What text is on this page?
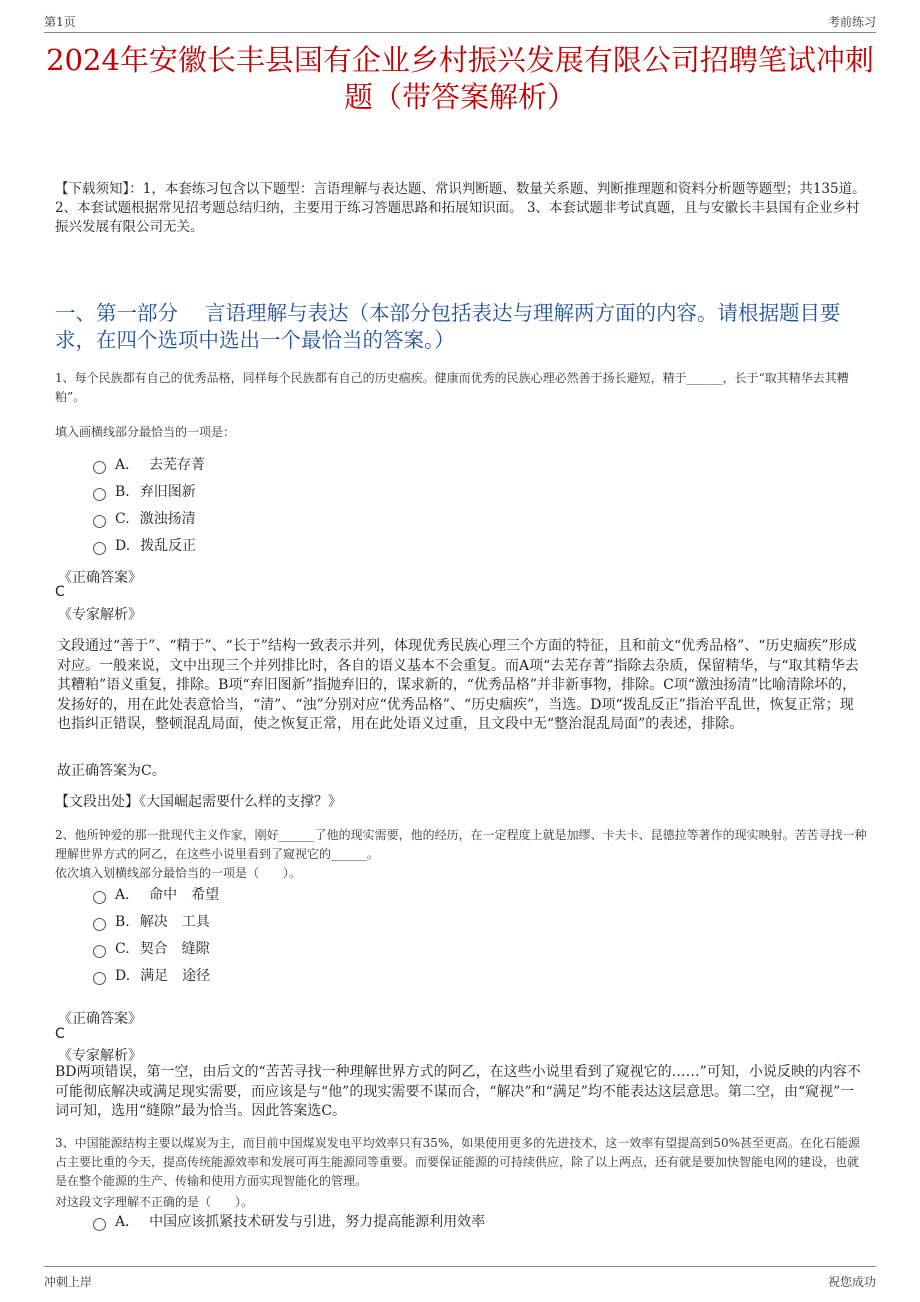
第1页	考前练习
2024年安徽长丰县国有企业乡村振兴发展有限公司招聘笔试冲刺题（带答案解析）
【下载须知】：1，本套练习包含以下题型：言语理解与表达题、常识判断题、数量关系题、判断推理题和资料分析题等题型；共135道。 2、本套试题根据常见招考题总结归纳，主要用于练习答题思路和拓展知识面。 3、本套试题非考试真题，且与安徽长丰县国有企业乡村振兴发展有限公司无关。
一、第一部分　 言语理解与表达（本部分包括表达与理解两方面的内容。请根据题目要求，在四个选项中选出一个最恰当的答案。）
1、每个民族都有自己的优秀品格，同样每个民族都有自己的历史痼疾。健康而优秀的民族心理必然善于扬长避短，精于______，长于“取其精华去其糟粕”。
填入画横线部分最恰当的一项是：
A． 去芜存菁
B. 弃旧图新
C. 激浊扬清
D. 拨乱反正
《正确答案》
C
《专家解析》
文段通过“善于”、“精于”、“长于”结构一致表示并列，体现优秀民族心理三个方面的特征，且和前文“优秀品格”、“历史痼疾”形成对应。一般来说，文中出现三个并列排比时，各自的语义基本不会重复。而A项“去芜存菁”指除去杂质，保留精华，与“取其精华去其糟粕”语义重复，排除。B项“弃旧图新”指抛弃旧的，谋求新的，“优秀品格”并非新事物，排除。C项“激浊扬清”比喻清除坏的，发扬好的，用在此处表意恰当，“清”、“浊”分别对应“优秀品格”、“历史痼疾”，当选。D项“拨乱反正”指治平乱世，恢复正常；现也指纠正错误，整顿混乱局面，使之恢复正常，用在此处语义过重，且文段中无“整治混乱局面”的表述，排除。
故正确答案为C。
【文段出处】《大国崛起需要什么样的支撑？》
2、他所钟爱的那一批现代主义作家，刚好______了他的现实需要，他的经历，在一定程度上就是加缪、卡夫卡、昆德拉等著作的现实映射。苦苦寻找一种理解世界方式的阿乙，在这些小说里看到了窥视它的______。
依次填入划横线部分最恰当的一项是（　　）。
A． 命中　希望
B. 解决　工具
C. 契合　缝隙
D. 满足　途径
《正确答案》
C
《专家解析》
BD两项错误，第一空，由后文的“苦苦寻找一种理解世界方式的阿乙，在这些小说里看到了窥视它的……”可知，小说反映的内容不可能彻底解决或满足现实需要，而应该是与“他”的现实需要不谋而合，“解决”和“满足”均不能表达这层意思。第二空，由“窥视”一词可知，选用“缝隙”最为恰当。因此答案选C。
3、中国能源结构主要以煤炭为主，而目前中国煤炭发电平均效率只有35%，如果使用更多的先进技术，这一效率有望提高到50%甚至更高。在化石能源占主要比重的今天，提高传统能源效率和发展可再生能源同等重要。而要保证能源的可持续供应，除了以上两点，还有就是要加快智能电网的建设，也就是在整个能源的生产、传输和使用方面实现智能化的管理。
对这段文字理解不正确的是（　　）。
A． 中国应该抓紧技术研发与引进，努力提高能源利用效率
冲刺上岸	祝您成功
